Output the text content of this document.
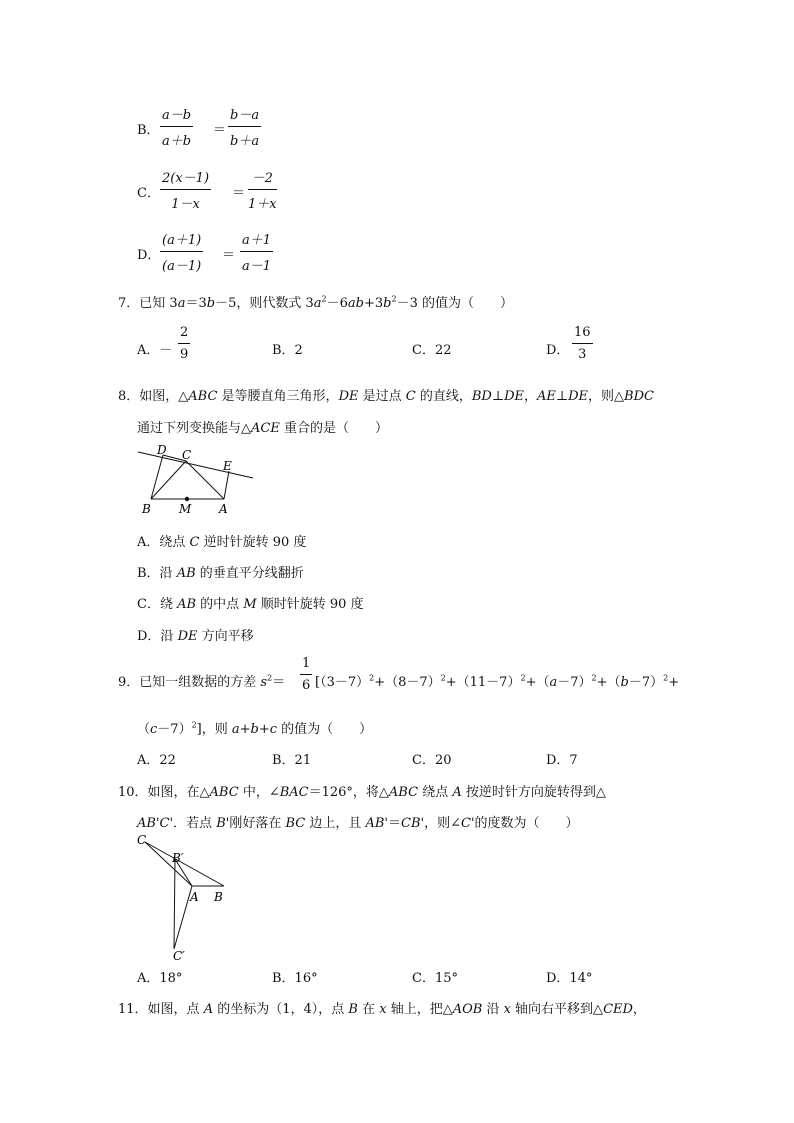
B． $\frac{a-b}{a+b} = \frac{b-a}{b+a}$
C． $\frac{2(x-1)}{1-x} = \frac{-2}{1+x}$
D． $\frac{(a+1)}{(a-1)} = \frac{a+1}{a-1}$
7．已知 3a＝3b－5，则代数式 $3a^2-6ab+3b^2-3$ 的值为（　　）
A．－ $\frac{2}{9}$	B．2	C．22	D． $\frac{16}{3}$
8．如图，△ABC 是等腰直角三角形，DE 是过点 C 的直线，BD⊥DE，AE⊥DE，则△BDC
通过下列变换能与△ACE 重合的是（　　）
D C
E
B M A
A．绕点 C 逆时针旋转 90 度
B．沿 AB 的垂直平分线翻折
C．绕 AB 的中点 M 顺时针旋转 90 度
D．沿 DE 方向平移
9．已知一组数据的方差 $s^2= \frac{1}{6} [(3-7)^2+(8-7)^2+(11-7)^2+(a-7)^2+(b-7)^2+$
$(c-7)^2$]，则 a+b+c 的值为（　　）
A．22	B．21	C．20	D．7
10．如图，在△ABC 中，∠BAC＝126°，将△ABC 绕点 A 按逆时针方向旋转得到△
AB'C'．若点 B'刚好落在 BC 边上，且 AB'＝CB'，则∠C'的度数为（　　）
C
B′
A B
C′
A．18°	B．16°	C．15°	D．14°
11．如图，点 A 的坐标为（1，4），点 B 在 x 轴上，把△AOB 沿 x 轴向右平移到△CED，
